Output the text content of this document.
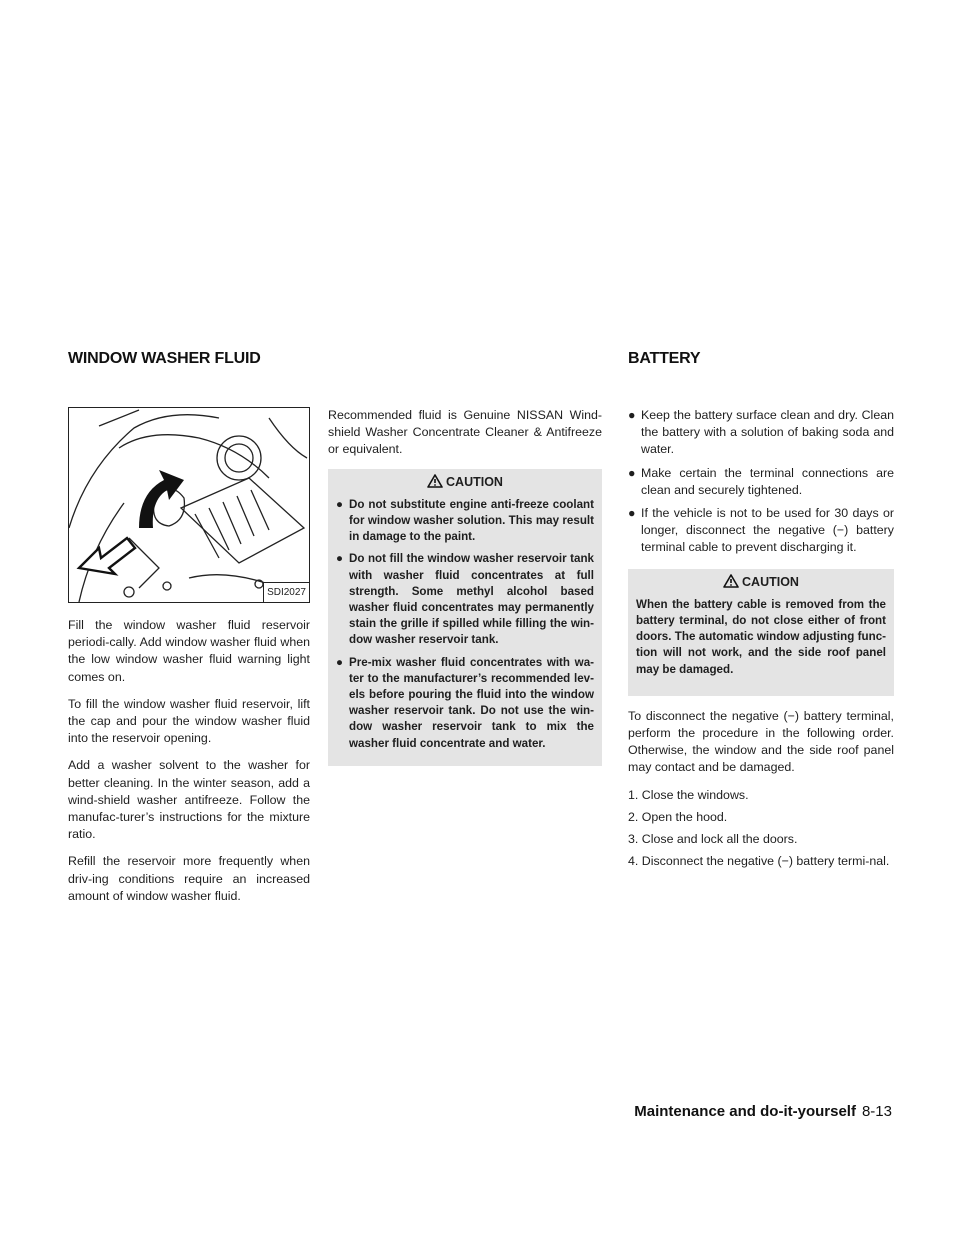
WINDOW WASHER FLUID	BATTERY
SDI2027

Fill the window washer fluid reservoir periodi-cally. Add window washer fluid when the low window washer fluid warning light comes on.

To fill the window washer fluid reservoir, lift the cap and pour the window washer fluid into the reservoir opening.

Add a washer solvent to the washer for better cleaning. In the winter season, add a wind-shield washer antifreeze. Follow the manufac-turer’s instructions for the mixture ratio.

Refill the reservoir more frequently when driv-ing conditions require an increased amount of window washer fluid.

Recommended fluid is Genuine NISSAN Wind-shield Washer Concentrate Cleaner & Antifreeze or equivalent.

CAUTION
● Do not substitute engine anti-freeze coolant for window washer solution. This may result in damage to the paint.
● Do not fill the window washer reservoir tank with washer fluid concentrates at full strength. Some methyl alcohol based washer fluid concentrates may permanently stain the grille if spilled while filling the win-dow washer reservoir tank.
● Pre-mix washer fluid concentrates with wa-ter to the manufacturer’s recommended lev-els before pouring the fluid into the window washer reservoir tank. Do not use the win-dow washer reservoir tank to mix the washer fluid concentrate and water.
● Keep the battery surface clean and dry. Clean the battery with a solution of baking soda and water.
● Make certain the terminal connections are clean and securely tightened.
● If the vehicle is not to be used for 30 days or longer, disconnect the negative (−) battery terminal cable to prevent discharging it.
CAUTION

When the battery cable is removed from the battery terminal, do not close either of front doors. The automatic window adjusting func-tion will not work, and the side roof panel may be damaged.

To disconnect the negative (−) battery terminal, perform the procedure in the following order. Otherwise, the window and the side roof panel may contact and be damaged.

1. Close the windows.
2. Open the hood.
3. Close and lock all the doors.
4. Disconnect the negative (−) battery termi-nal.
Maintenance and do-it-yourself 8-13
